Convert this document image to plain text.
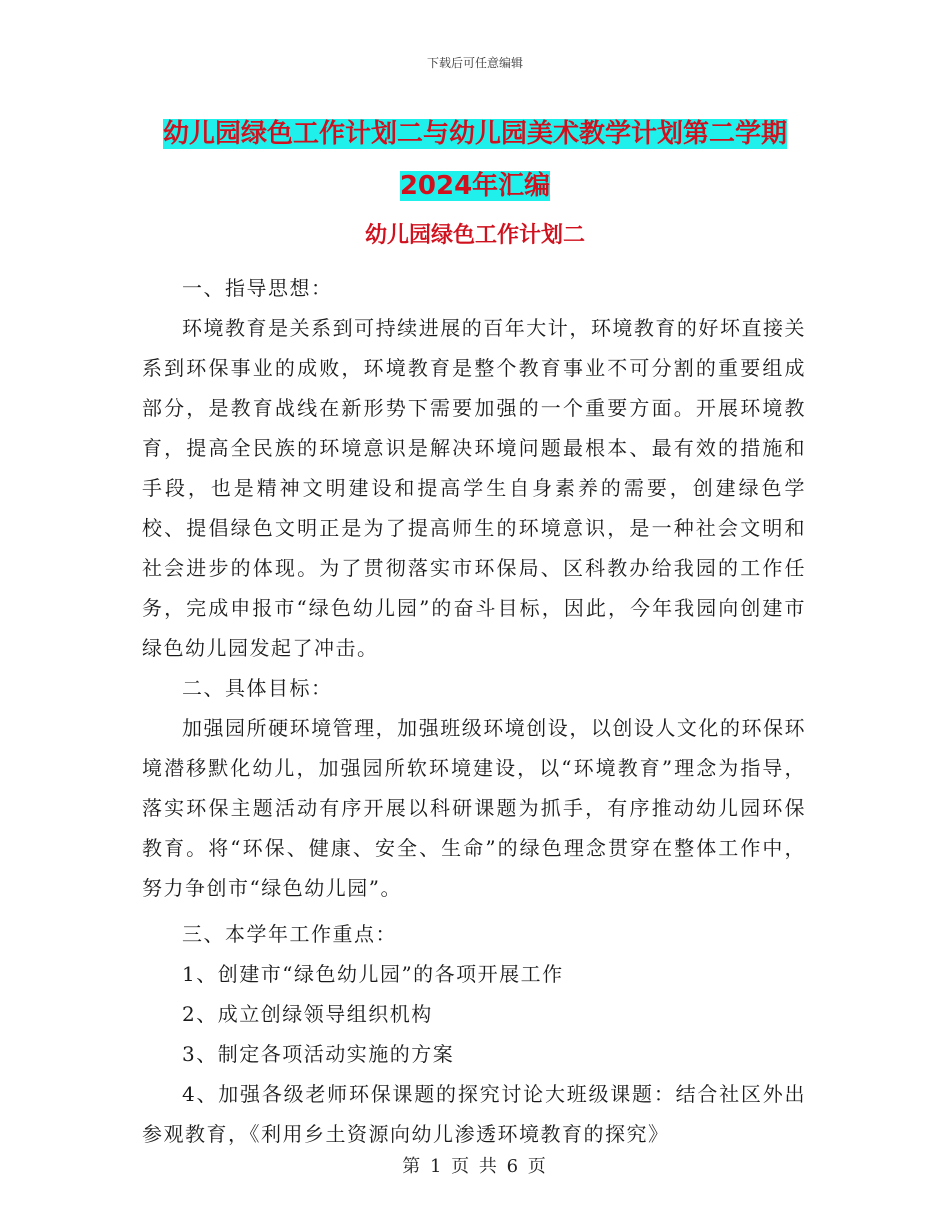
下载后可任意编辑
幼儿园绿色工作计划二与幼儿园美术教学计划第二学期2024年汇编
幼儿园绿色工作计划二

一、指导思想：

环境教育是关系到可持续进展的百年大计，环境教育的好坏直接关系到环保事业的成败，环境教育是整个教育事业不可分割的重要组成部分，是教育战线在新形势下需要加强的一个重要方面。开展环境教育，提高全民族的环境意识是解决环境问题最根本、最有效的措施和手段，也是精神文明建设和提高学生自身素养的需要，创建绿色学校、提倡绿色文明正是为了提高师生的环境意识，是一种社会文明和社会进步的体现。为了贯彻落实市环保局、区科教办给我园的工作任务，完成申报市“绿色幼儿园”的奋斗目标，因此，今年我园向创建市绿色幼儿园发起了冲击。

二、具体目标：

加强园所硬环境管理，加强班级环境创设，以创设人文化的环保环境潜移默化幼儿，加强园所软环境建设，以“环境教育”理念为指导，落实环保主题活动有序开展以科研课题为抓手，有序推动幼儿园环保教育。将“环保、健康、安全、生命”的绿色理念贯穿在整体工作中，努力争创市“绿色幼儿园”。

三、本学年工作重点：

1、创建市“绿色幼儿园”的各项开展工作

2、成立创绿领导组织机构

3、制定各项活动实施的方案

4、加强各级老师环保课题的探究讨论大班级课题：结合社区外出参观教育，《利用乡土资源向幼儿渗透环境教育的探究》

第 1 页 共 6 页
